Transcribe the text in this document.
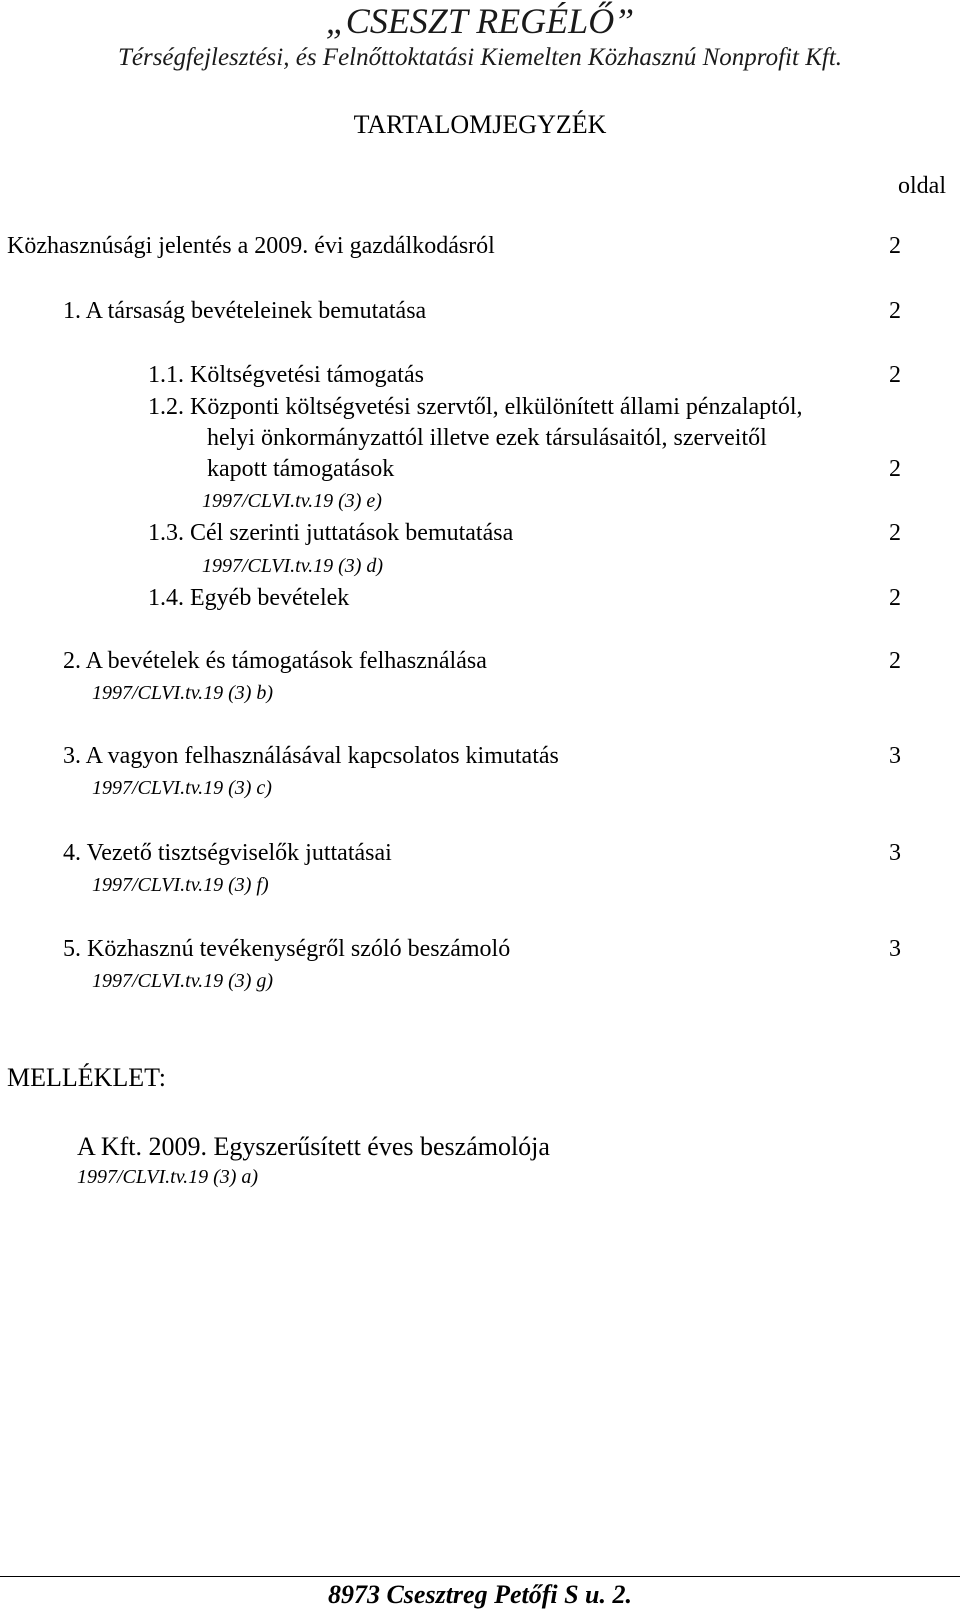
„CSESZT REGÉLŐ”
Térségfejlesztési, és Felnőttoktatási Kiemelten Közhasznú Nonprofit Kft.
TARTALOMJEGYZÉK
oldal
Közhasznúsági jelentés a 2009. évi gazdálkodásról	2
1. A társaság bevételeinek bemutatása	2
1.1. Költségvetési támogatás	2
1.2. Központi költségvetési szervtől, elkülönített állami pénzalaptól,
helyi önkormányzattól illetve ezek társulásaitól, szerveitől
kapott támogatások	2
1997/CLVI.tv.19 (3) e)
1.3. Cél szerinti juttatások bemutatása	2
1997/CLVI.tv.19 (3) d)
1.4. Egyéb bevételek	2
2. A bevételek és támogatások felhasználása	2
1997/CLVI.tv.19 (3) b)
3. A vagyon felhasználásával kapcsolatos kimutatás	3
1997/CLVI.tv.19 (3) c)
4. Vezető tisztségviselők juttatásai	3
1997/CLVI.tv.19 (3) f)
5. Közhasznú tevékenységről szóló beszámoló	3
1997/CLVI.tv.19 (3) g)
MELLÉKLET:
A Kft. 2009. Egyszerűsített éves beszámolója
1997/CLVI.tv.19 (3) a)
8973 Csesztreg Petőfi S u. 2.
